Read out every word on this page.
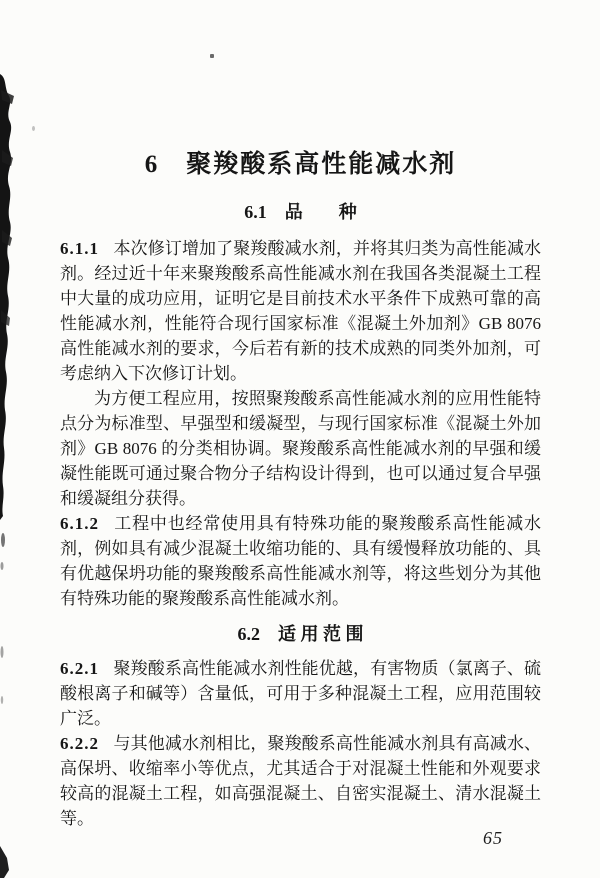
6　聚羧酸系高性能减水剂
6.1　品　　种

6.1.1 本次修订增加了聚羧酸减水剂，并将其归类为高性能减水剂。经过近十年来聚羧酸系高性能减水剂在我国各类混凝土工程中大量的成功应用，证明它是目前技术水平条件下成熟可靠的高性能减水剂，性能符合现行国家标准《混凝土外加剂》GB 8076高性能减水剂的要求，今后若有新的技术成熟的同类外加剂，可考虑纳入下次修订计划。

为方便工程应用，按照聚羧酸系高性能减水剂的应用性能特点分为标准型、早强型和缓凝型，与现行国家标准《混凝土外加剂》GB 8076 的分类相协调。聚羧酸系高性能减水剂的早强和缓凝性能既可通过聚合物分子结构设计得到，也可以通过复合早强和缓凝组分获得。

6.1.2 工程中也经常使用具有特殊功能的聚羧酸系高性能减水剂，例如具有减少混凝土收缩功能的、具有缓慢释放功能的、具有优越保坍功能的聚羧酸系高性能减水剂等，将这些划分为其他有特殊功能的聚羧酸系高性能减水剂。

6.2　适 用 范 围

6.2.1 聚羧酸系高性能减水剂性能优越，有害物质（氯离子、硫酸根离子和碱等）含量低，可用于多种混凝土工程，应用范围较广泛。

6.2.2 与其他减水剂相比，聚羧酸系高性能减水剂具有高减水、高保坍、收缩率小等优点，尤其适合于对混凝土性能和外观要求较高的混凝土工程，如高强混凝土、自密实混凝土、清水混凝土等。

65
